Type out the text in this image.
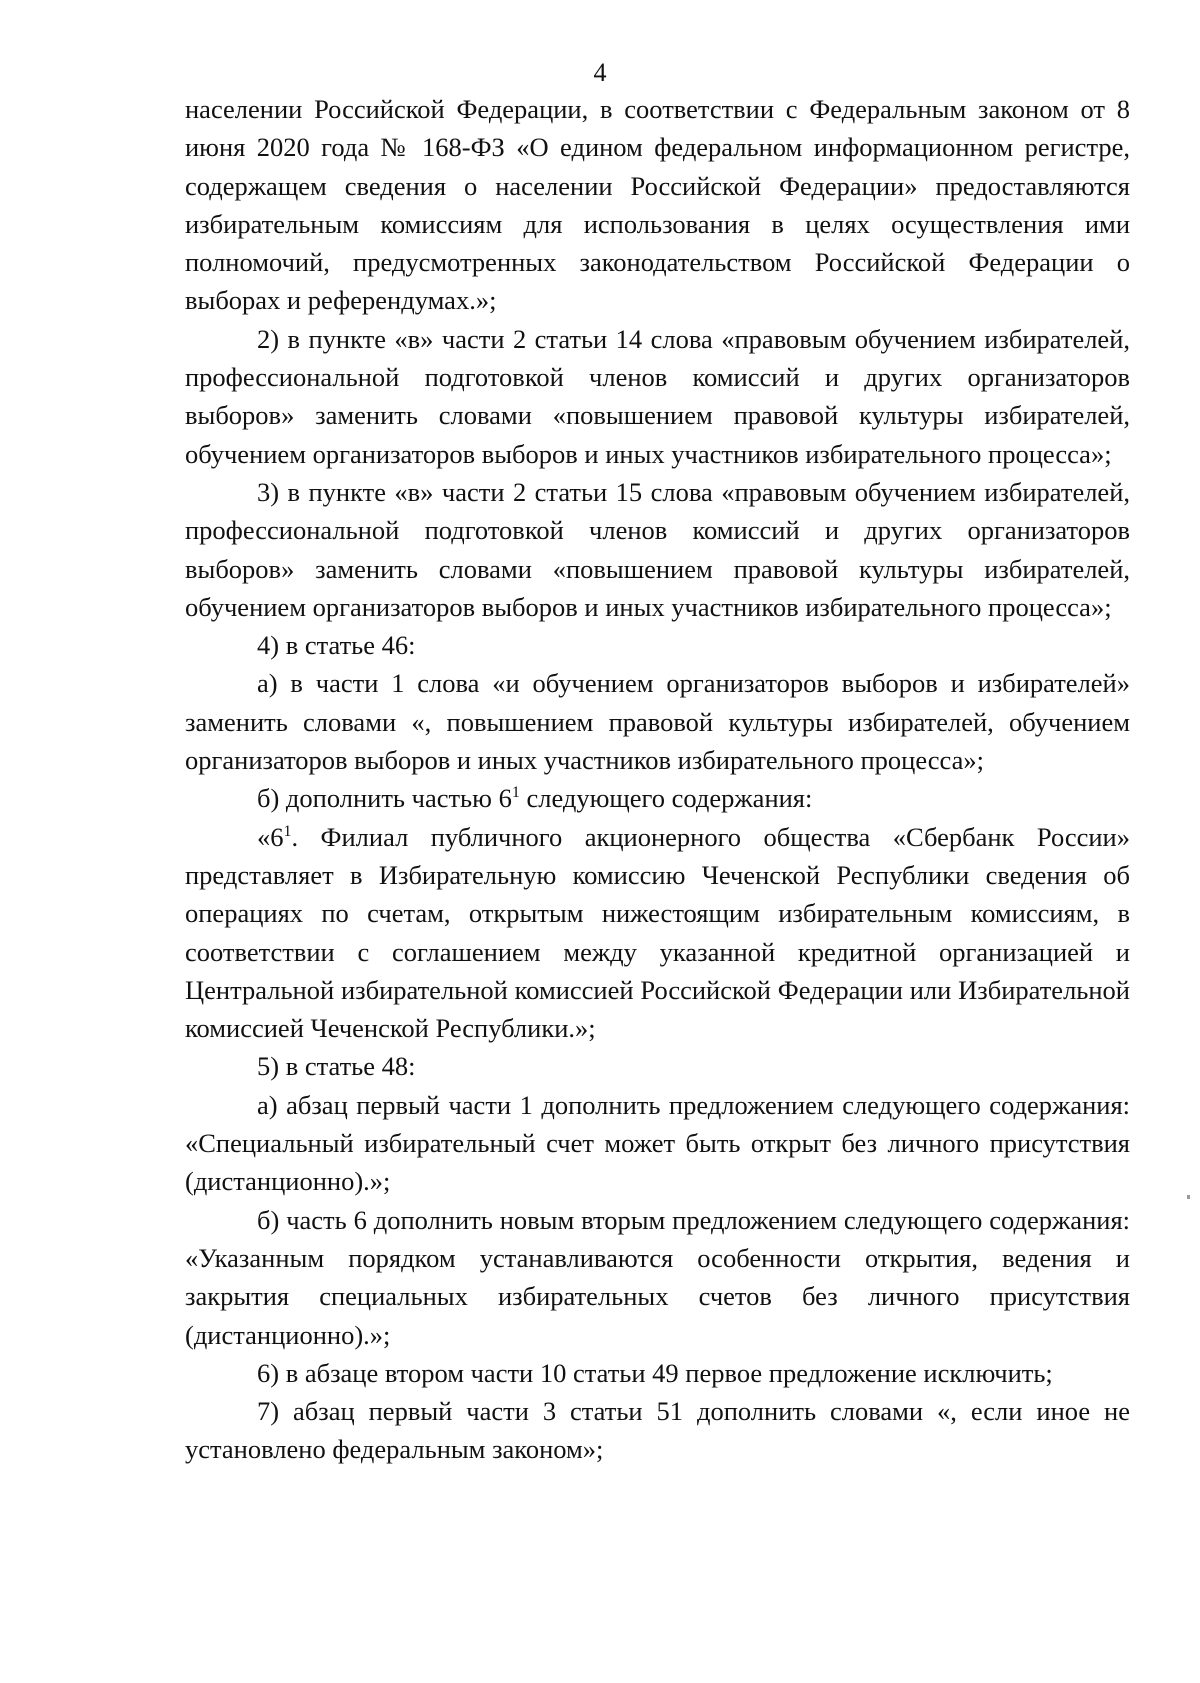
4

населении Российской Федерации, в соответствии с Федеральным законом от 8 июня 2020 года № 168-ФЗ «О едином федеральном информационном регистре, содержащем сведения о населении Российской Федерации» предоставляются избирательным комиссиям для использования в целях осуществления ими полномочий, предусмотренных законодательством Российской Федерации о выборах и референдумах.»;

2) в пункте «в» части 2 статьи 14 слова «правовым обучением избирателей, профессиональной подготовкой членов комиссий и других организаторов выборов» заменить словами «повышением правовой культуры избирателей, обучением организаторов выборов и иных участников избирательного процесса»;

3) в пункте «в» части 2 статьи 15 слова «правовым обучением избирателей, профессиональной подготовкой членов комиссий и других организаторов выборов» заменить словами «повышением правовой культуры избирателей, обучением организаторов выборов и иных участников избирательного процесса»;

4) в статье 46:

а) в части 1 слова «и обучением организаторов выборов и избирателей» заменить словами «, повышением правовой культуры избирателей, обучением организаторов выборов и иных участников избирательного процесса»;

б) дополнить частью $6^1$ следующего содержания:

«$6^1$. Филиал публичного акционерного общества «Сбербанк России» представляет в Избирательную комиссию Чеченской Республики сведения об операциях по счетам, открытым нижестоящим избирательным комиссиям, в соответствии с соглашением между указанной кредитной организацией и Центральной избирательной комиссией Российской Федерации или Избирательной комиссией Чеченской Республики.»;

5) в статье 48:

а) абзац первый части 1 дополнить предложением следующего содержания: «Специальный избирательный счет может быть открыт без личного присутствия (дистанционно).»;

б) часть 6 дополнить новым вторым предложением следующего содержания: «Указанным порядком устанавливаются особенности открытия, ведения и закрытия специальных избирательных счетов без личного присутствия (дистанционно).»;

6) в абзаце втором части 10 статьи 49 первое предложение исключить;

7) абзац первый части 3 статьи 51 дополнить словами «, если иное не установлено федеральным законом»;
